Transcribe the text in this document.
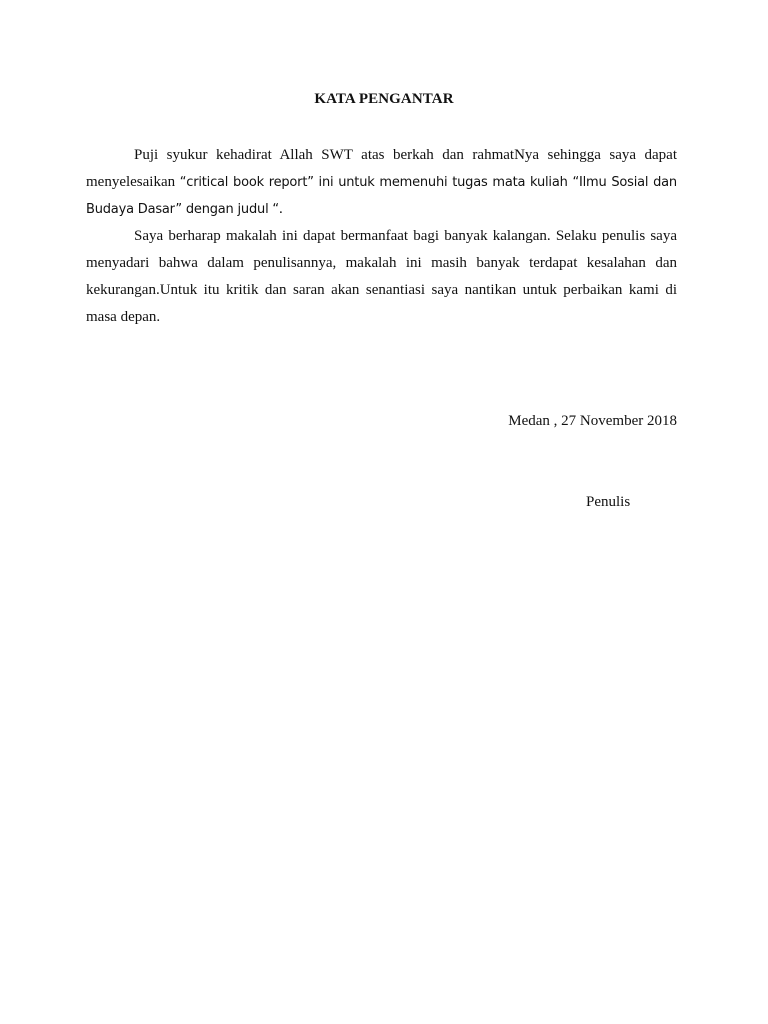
KATA PENGANTAR

Puji syukur kehadirat Allah SWT atas berkah dan rahmatNya sehingga saya dapat menyelesaikan “critical book report” ini untuk memenuhi tugas mata kuliah “Ilmu Sosial dan Budaya Dasar” dengan judul “.

Saya berharap makalah ini dapat bermanfaat bagi banyak kalangan. Selaku penulis saya menyadari bahwa dalam penulisannya, makalah ini masih banyak terdapat kesalahan dan kekurangan.Untuk itu kritik dan saran akan senantiasi saya nantikan untuk perbaikan kami di masa depan.

Medan , 27 November 2018
Penulis
